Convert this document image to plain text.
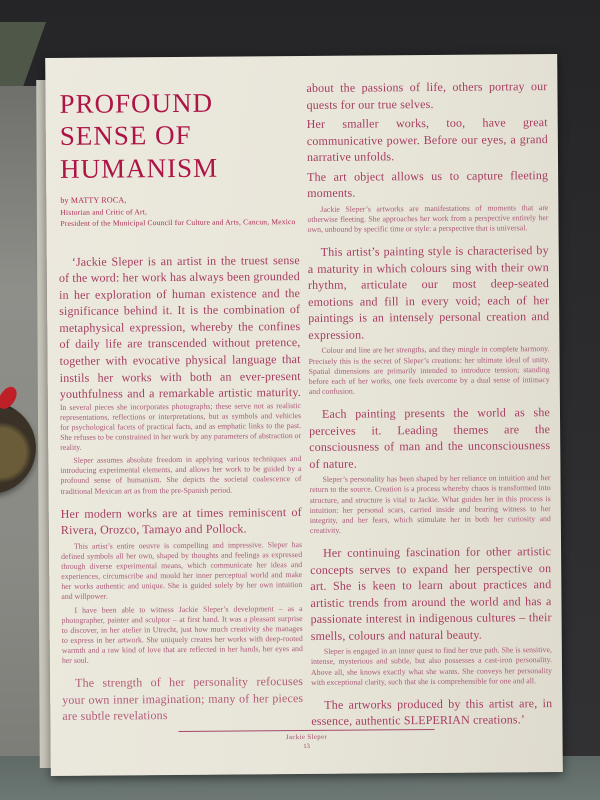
PROFOUND SENSE OF HUMANISM
by MATTY ROCA,
Historian and Critic of Art,
President of the Municipal Council for Culture and Arts, Cancun, Mexico

‘Jackie Sleper is an artist in the truest sense of the word: her work has always been grounded in her exploration of human existence and the significance behind it. It is the combination of metaphysical expression, whereby the confines of daily life are transcended without pretence, together with evocative physical language that instils her works with both an ever-present youthfulness and a remarkable artistic maturity. In several pieces she incorporates photographs; these serve not as realistic representations, reflections or interpretations, but as symbols and vehicles for psychological facets of practical facts, and as emphatic links to the past. She refuses to be constrained in her work by any parameters of abstraction or reality.

Sleper assumes absolute freedom in applying various techniques and introducing experimental elements, and allows her work to be guided by a profound sense of humanism. She depicts the societal coalescence of traditional Mexican art as from the pre-Spanish period.

Her modern works are at times reminiscent of Rivera, Orozco, Tamayo and Pollock.

This artist’s entire oeuvre is compelling and impressive. Sleper has defined symbols all her own, shaped by thoughts and feelings as expressed through diverse experimental means, which communicate her ideas and experiences, circumscribe and mould her inner perceptual world and make her works authentic and unique. She is guided solely by her own intuition and willpower.

I have been able to witness Jackie Sleper’s development – as a photographer, painter and sculptor – at first hand. It was a pleasant surprise to discover, in her atelier in Utrecht, just how much creativity she manages to express in her artwork. She uniquely creates her works with deep-rooted warmth and a raw kind of love that are reflected in her hands, her eyes and her soul.

The strength of her personality refocuses your own inner imagination; many of her pieces are subtle revelations

about the passions of life, others portray our quests for our true selves.

Her smaller works, too, have great communicative power. Before our eyes, a grand narrative unfolds.

The art object allows us to capture fleeting moments.

Jackie Sleper’s artworks are manifestations of moments that are otherwise fleeting. She approaches her work from a perspective entirely her own, unbound by specific time or style: a perspective that is universal.

This artist’s painting style is characterised by a maturity in which colours sing with their own rhythm, articulate our most deep-seated emotions and fill in every void; each of her paintings is an intensely personal creation and expression.

Colour and line are her strengths, and they mingle in complete harmony. Precisely this is the secret of Sleper’s creations: her ultimate ideal of unity. Spatial dimensions are primarily intended to introduce tension; standing before each of her works, one feels overcome by a dual sense of intimacy and confusion.

Each painting presents the world as she perceives it. Leading themes are the consciousness of man and the unconsciousness of nature.

Sleper’s personality has been shaped by her reliance on intuition and her return to the source. Creation is a process whereby chaos is transformed into structure, and structure is vital to Jackie. What guides her in this process is intuition: her personal scars, carried inside and bearing witness to her integrity, and her fears, which stimulate her in both her curiosity and creativity.

Her continuing fascination for other artistic concepts serves to expand her perspective on art. She is keen to learn about practices and artistic trends from around the world and has a passionate interest in indigenous cultures – their smells, colours and natural beauty.

Sleper is engaged in an inner quest to find her true path. She is sensitive, intense, mysterious and subtle, but also possesses a cast-iron personality. Above all, she knows exactly what she wants. She conveys her personality with exceptional clarity, such that she is comprehensible for one and all.

The artworks produced by this artist are, in essence, authentic SLEPERIAN creations.’

Jackie Sleper
13
